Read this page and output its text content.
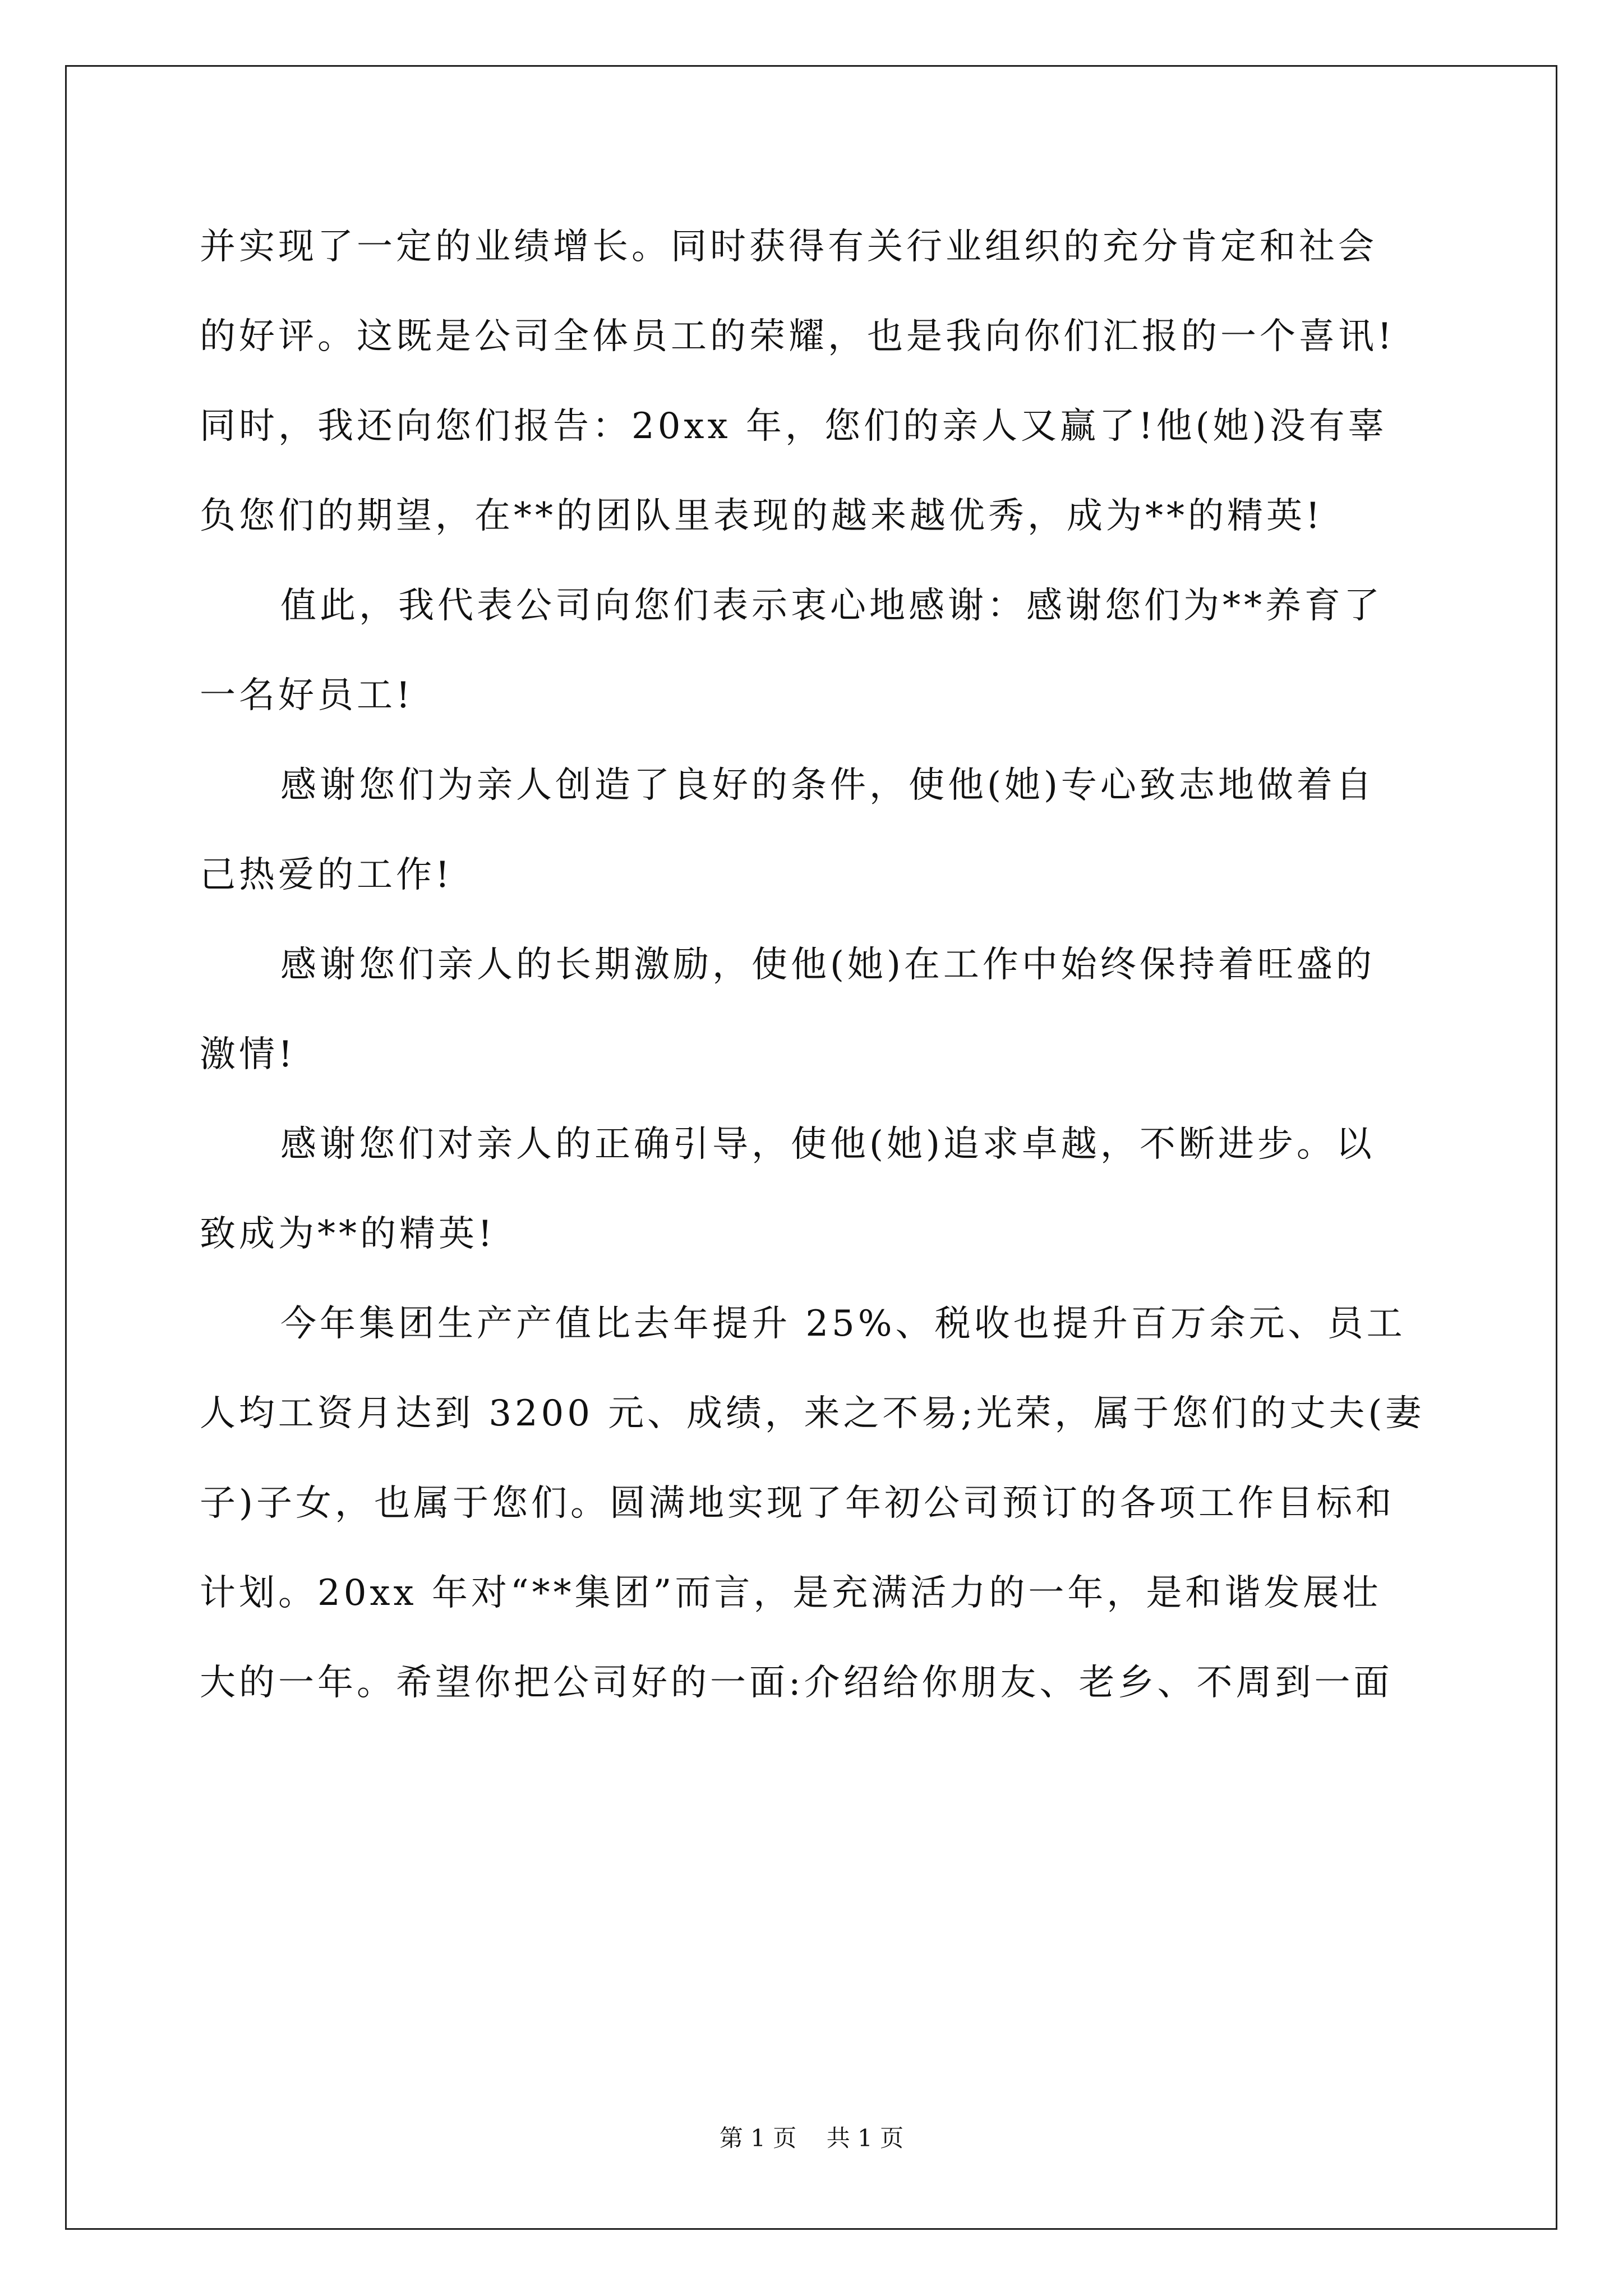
并实现了一定的业绩增长。同时获得有关行业组织的充分肯定和社会
的好评。这既是公司全体员工的荣耀，也是我向你们汇报的一个喜讯!
同时，我还向您们报告：20xx 年，您们的亲人又赢了!他(她)没有辜
负您们的期望，在**的团队里表现的越来越优秀，成为**的精英!
值此，我代表公司向您们表示衷心地感谢：感谢您们为**养育了
一名好员工!
感谢您们为亲人创造了良好的条件，使他(她)专心致志地做着自
己热爱的工作!
感谢您们亲人的长期激励，使他(她)在工作中始终保持着旺盛的
激情!
感谢您们对亲人的正确引导，使他(她)追求卓越，不断进步。以
致成为**的精英!
今年集团生产产值比去年提升 25%、税收也提升百万余元、员工
人均工资月达到 3200 元、成绩，来之不易;光荣，属于您们的丈夫(妻
子)子女，也属于您们。圆满地实现了年初公司预订的各项工作目标和
计划。20xx 年对“**集团”而言，是充满活力的一年，是和谐发展壮
大的一年。希望你把公司好的一面:介绍给你朋友、老乡、不周到一面
第 1 页    共 1 页
